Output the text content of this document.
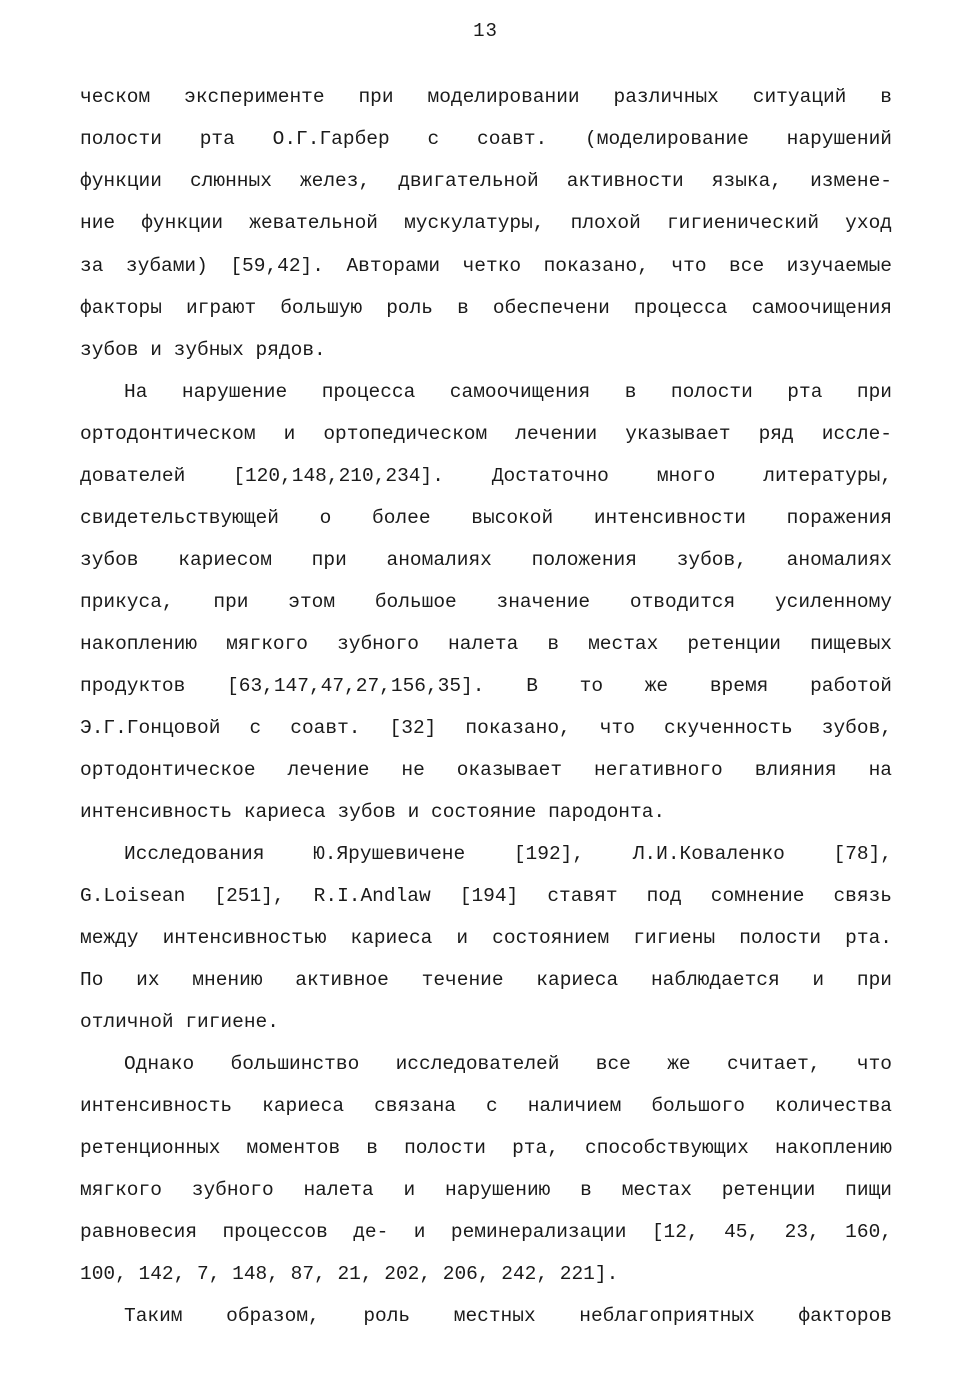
13
ческом эксперименте при моделировании различных ситуаций в
полости рта О.Г.Гарбер с соавт. (моделирование нарушений
функции слюнных желез, двигательной активности языка, измене-
ние функции жевательной мускулатуры, плохой гигиенический уход
за зубами) [59,42]. Авторами четко показано, что все изучаемые
факторы играют большую роль в обеспечени процесса самоочищения
зубов и зубных рядов.
На нарушение процесса самоочищения в полости рта при
ортодонтическом и ортопедическом лечении указывает ряд иссле-
дователей [120,148,210,234]. Достаточно много литературы,
свидетельствующей о более высокой интенсивности поражения
зубов кариесом при аномалиях положения зубов, аномалиях
прикуса, при этом большое значение отводится усиленному
накоплению мягкого зубного налета в местах ретенции пищевых
продуктов [63,147,47,27,156,35]. В то же время работой
Э.Г.Гонцовой с соавт. [32] показано, что скученность зубов,
ортодонтическое лечение не оказывает негативного влияния на
интенсивность кариеса зубов и состояние пародонта.
Исследования Ю.Ярушевичене [192], Л.И.Коваленко [78],
G.Loisean [251], R.I.Andlaw [194] ставят под сомнение связь
между интенсивностью кариеса и состоянием гигиены полости рта.
По их мнению активное течение кариеса наблюдается и при
отличной гигиене.
Однако большинство исследователей все же считает, что
интенсивность кариеса связана с наличием большого количества
ретенционных моментов в полости рта, способствующих накоплению
мягкого зубного налета и нарушению в местах ретенции пищи
равновесия процессов де- и реминерализации [12, 45, 23, 160,
100, 142, 7, 148, 87, 21, 202, 206, 242, 221].
Таким образом, роль местных неблагоприятных факторов
